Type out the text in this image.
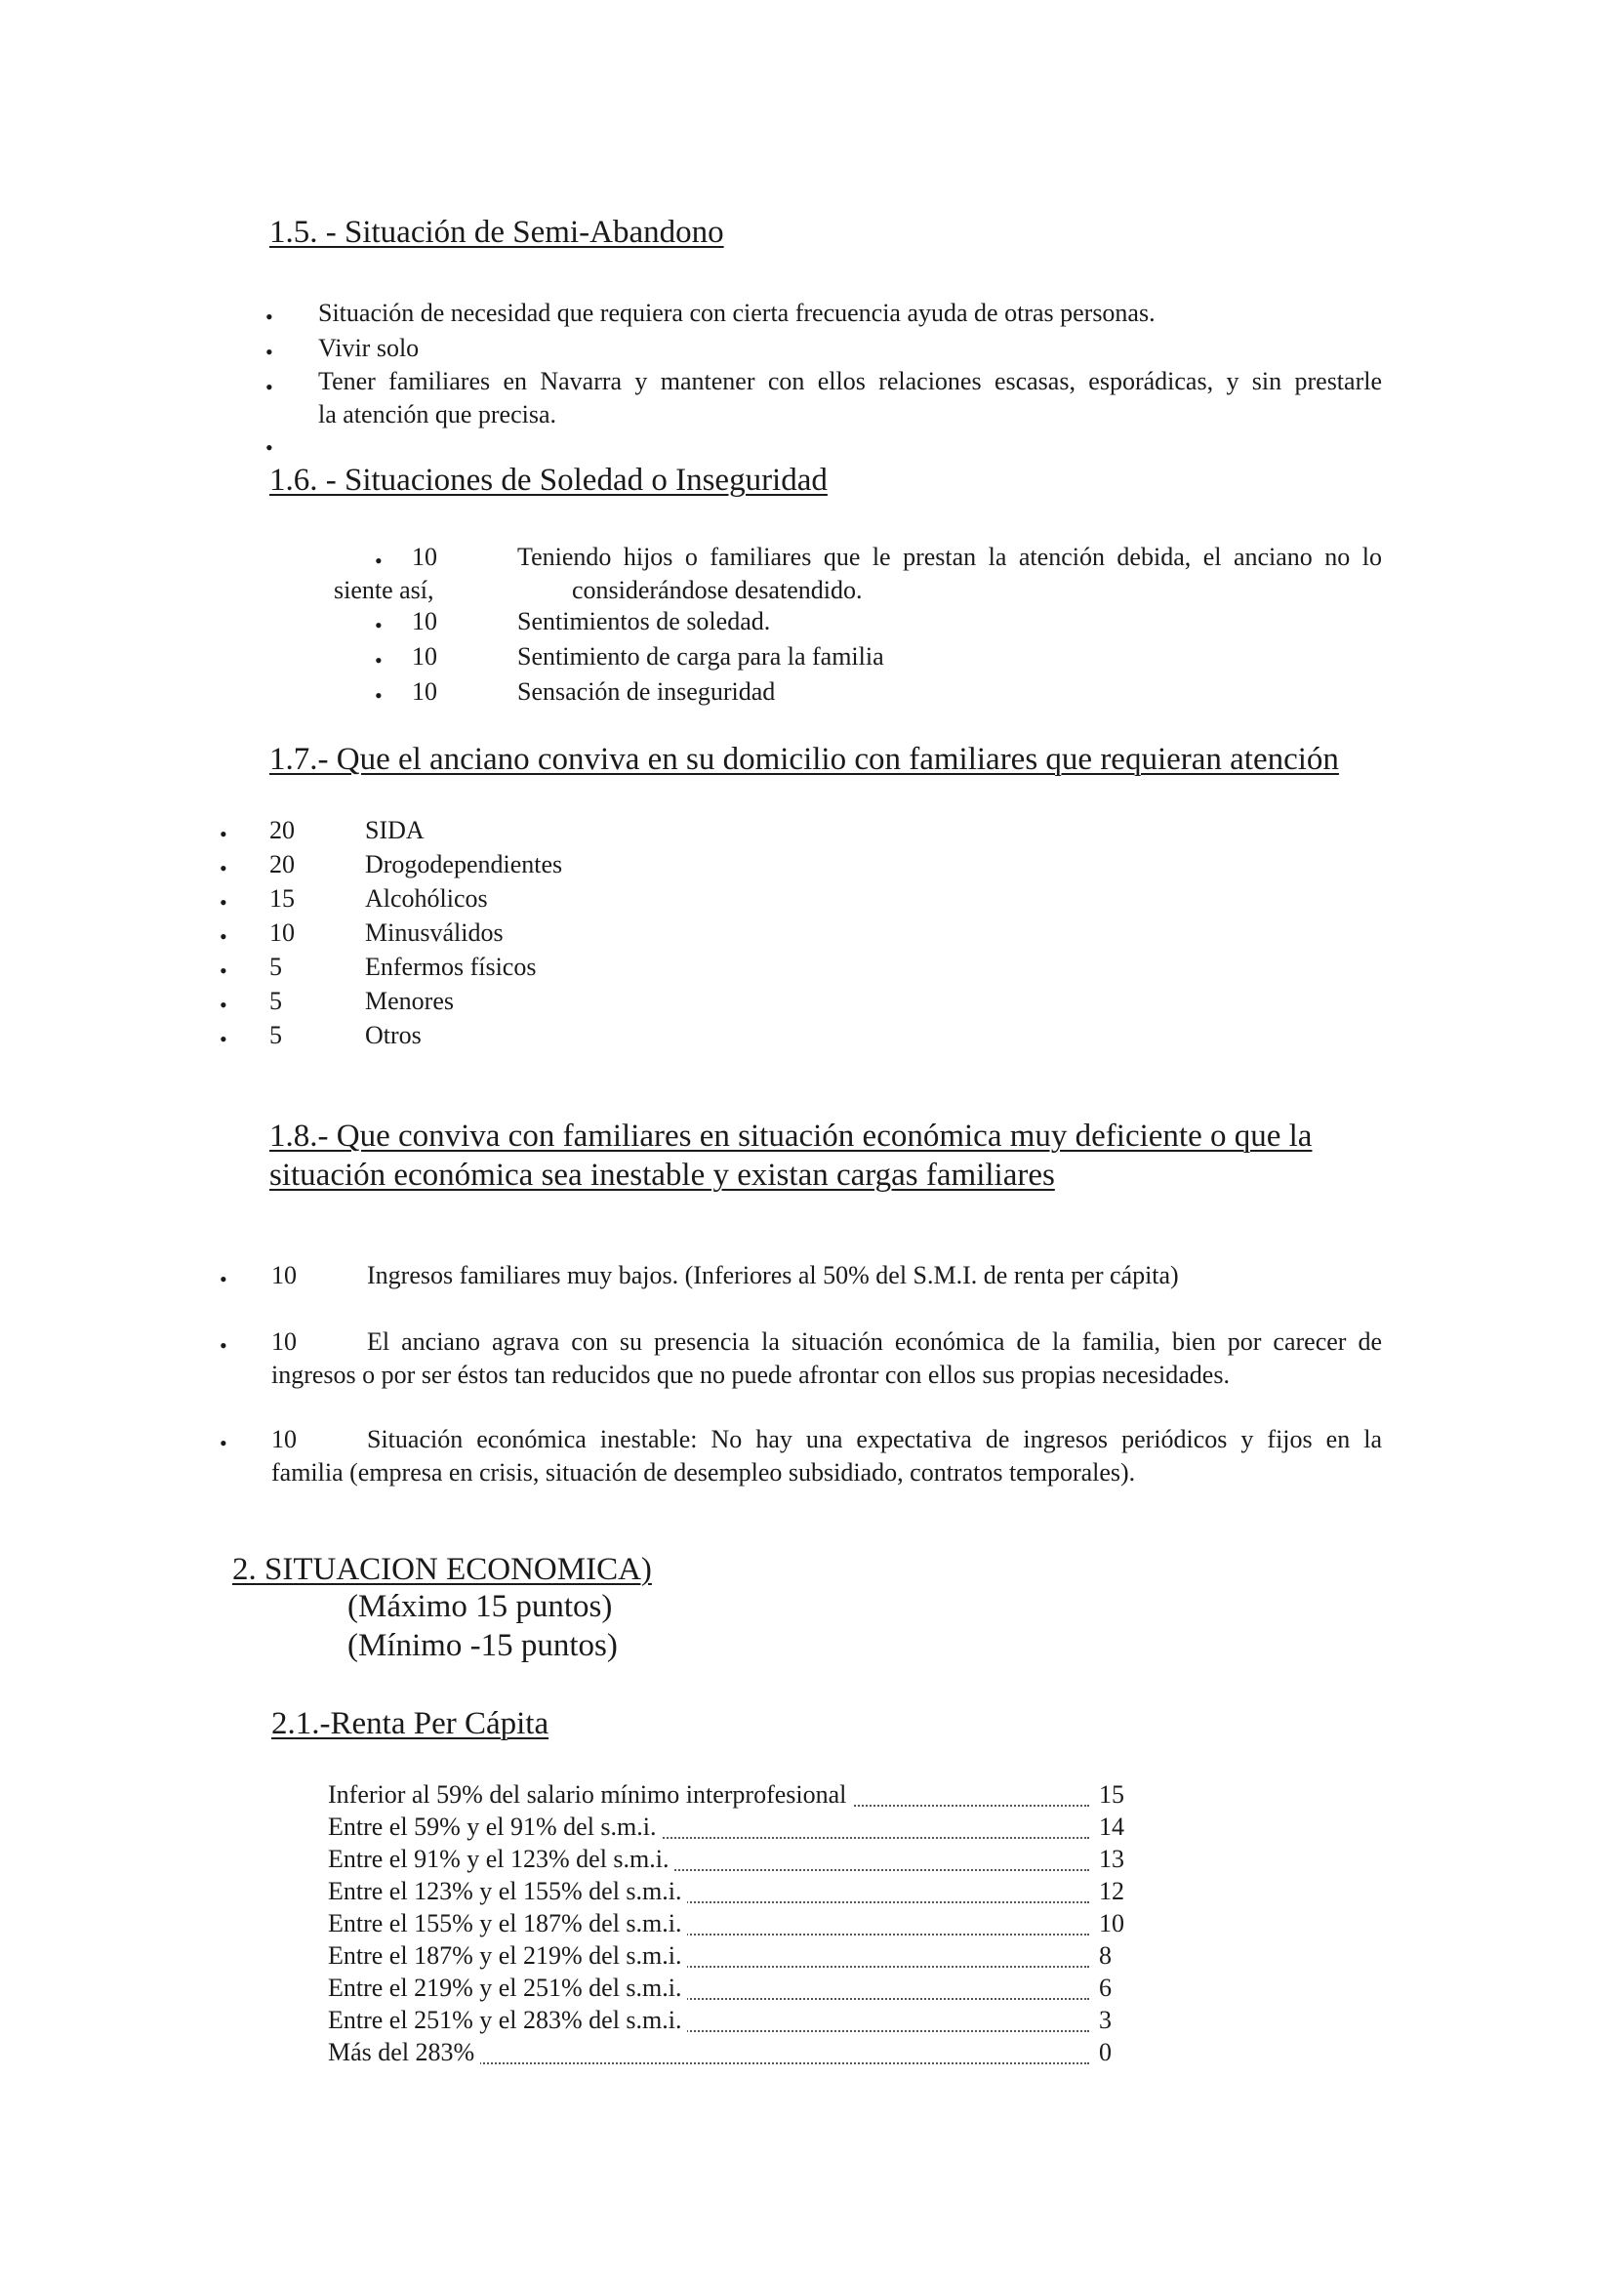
1.5. - Situación de Semi-Abandono
• Situación de necesidad que requiera con cierta frecuencia ayuda de otras personas.
• Vivir solo
• Tener familiares en Navarra y mantener con ellos relaciones escasas, esporádicas, y sin prestarle
la atención que precisa.
•
1.6. - Situaciones de Soledad o Inseguridad
• 10	Teniendo hijos o familiares que le prestan la atención debida, el anciano no lo
siente así,	considerándose desatendido.
• 10	Sentimientos de soledad.
• 10	Sentimiento de carga para la familia
• 10	Sensación de inseguridad
1.7.- Que el anciano conviva en su domicilio con familiares que requieran atención
• 20	SIDA
• 20	Drogodependientes
• 15	Alcohólicos
• 10	Minusválidos
• 5	Enfermos físicos
• 5	Menores
• 5	Otros
1.8.- Que conviva con familiares en situación económica muy deficiente o que la
situación económica sea inestable y existan cargas familiares
• 10	Ingresos familiares muy bajos. (Inferiores al 50% del S.M.I. de renta per cápita)
• 10	El anciano agrava con su presencia la situación económica de la familia, bien por carecer de
ingresos o por ser éstos tan reducidos que no puede afrontar con ellos sus propias necesidades.
• 10	Situación económica inestable: No hay una expectativa de ingresos periódicos y fijos en la
familia (empresa en crisis, situación de desempleo subsidiado, contratos temporales).
2. SITUACION ECONOMICA)
(Máximo 15 puntos)
(Mínimo -15 puntos)
2.1.-Renta Per Cápita
Inferior al 59% del salario mínimo interprofesional	15
Entre el 59% y el 91% del s.m.i.	14
Entre el 91% y el 123% del s.m.i.	13
Entre el 123% y el 155% del s.m.i.	12
Entre el 155% y el 187% del s.m.i.	10
Entre el 187% y el 219% del s.m.i.	8
Entre el 219% y el 251% del s.m.i.	6
Entre el 251% y el 283% del s.m.i.	3
Más del 283%	0
